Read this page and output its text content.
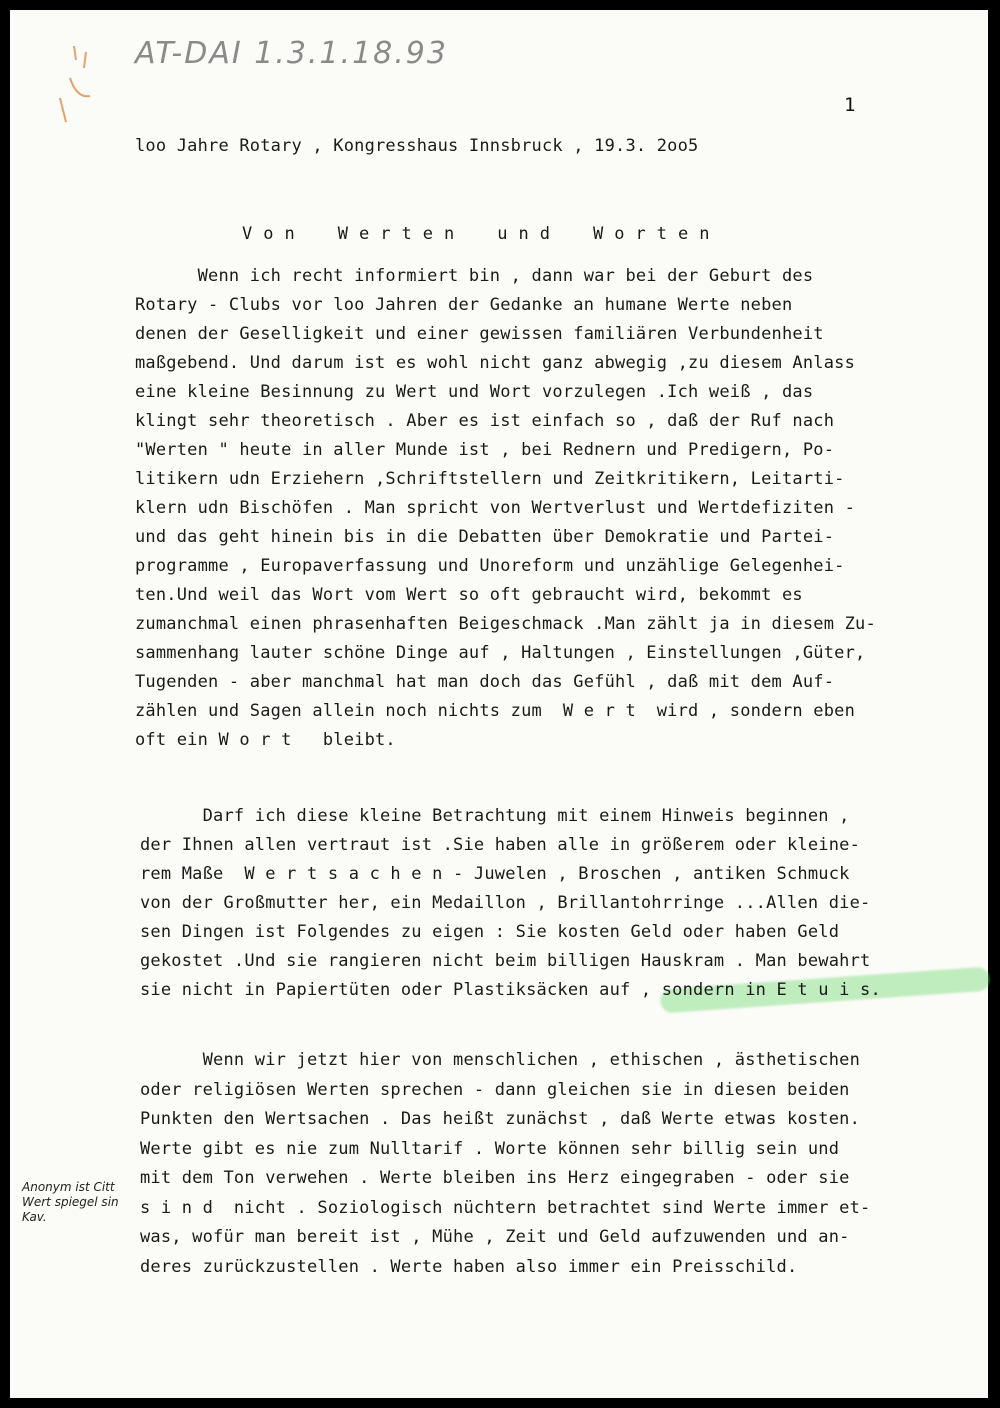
AT-DAI 1.3.1.18.93
1
loo Jahre Rotary , Kongresshaus Innsbruck , 19.3. 2oo5
V o n    W e r t e n    u n d    W o r t e n
Wenn ich recht informiert bin , dann war bei der Geburt des
Rotary - Clubs vor loo Jahren der Gedanke an humane Werte neben
denen der Geselligkeit und einer gewissen familiären Verbundenheit
maßgebend. Und darum ist es wohl nicht ganz abwegig ,zu diesem Anlass
eine kleine Besinnung zu Wert und Wort vorzulegen .Ich weiß , das
klingt sehr theoretisch . Aber es ist einfach so , daß der Ruf nach
"Werten " heute in aller Munde ist , bei Rednern und Predigern, Po-
litikern udn Erziehern ,Schriftstellern und Zeitkritikern, Leitarti-
klern udn Bischöfen . Man spricht von Wertverlust und Wertdefiziten -
und das geht hinein bis in die Debatten über Demokratie und Partei-
programme , Europaverfassung und Unoreform und unzählige Gelegenhei-
ten.Und weil das Wort vom Wert so oft gebraucht wird, bekommt es
zumanchmal einen phrasenhaften Beigeschmack .Man zählt ja in diesem Zu-
sammenhang lauter schöne Dinge auf , Haltungen , Einstellungen ,Güter,
Tugenden - aber manchmal hat man doch das Gefühl , daß mit dem Auf-
zählen und Sagen allein noch nichts zum  W e r t  wird , sondern eben
oft ein W o r t   bleibt.
Darf ich diese kleine Betrachtung mit einem Hinweis beginnen ,
der Ihnen allen vertraut ist .Sie haben alle in größerem oder kleine-
rem Maße  W e r t s a c h e n - Juwelen , Broschen , antiken Schmuck
von der Großmutter her, ein Medaillon , Brillantohrringe ...Allen die-
sen Dingen ist Folgendes zu eigen : Sie kosten Geld oder haben Geld
gekostet .Und sie rangieren nicht beim billigen Hauskram . Man bewahrt
sie nicht in Papiertüten oder Plastiksäcken auf , sondern in E t u i s.
Wenn wir jetzt hier von menschlichen , ethischen , ästhetischen
oder religiösen Werten sprechen - dann gleichen sie in diesen beiden
Punkten den Wertsachen . Das heißt zunächst , daß Werte etwas kosten.
Werte gibt es nie zum Nulltarif . Worte können sehr billig sein und
mit dem Ton verwehen . Werte bleiben ins Herz eingegraben - oder sie
s i n d  nicht . Soziologisch nüchtern betrachtet sind Werte immer et-
was, wofür man bereit ist , Mühe , Zeit und Geld aufzuwenden und an-
deres zurückzustellen . Werte haben also immer ein Preisschild.
Anonym ist Citt Wert spiegel sin Kav.
